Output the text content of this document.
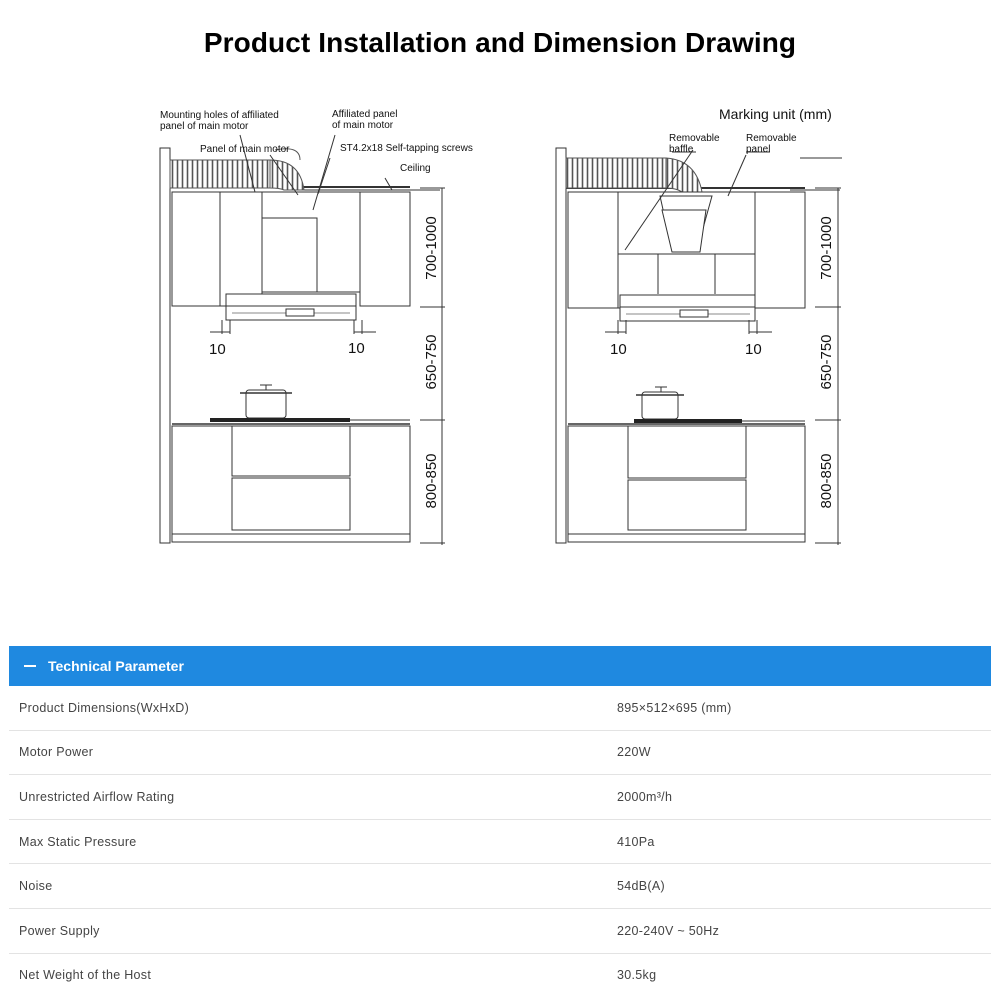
Product Installation and Dimension Drawing
Mounting holes of affiliated
panel of main motor
Affiliated panel
of main motor
Panel of main motor	ST4.2x18 Self-tapping screws
Ceiling
10	10
700-1000
650-750
800-850
Marking unit (mm)
Removable
baffle
Removable
panel
10	10
700-1000
650-750
800-850
Technical Parameter
Product Dimensions(WxHxD)	895×512×695 (mm)
Motor Power	220W
Unrestricted Airflow Rating	2000m³/h
Max Static Pressure	410Pa
Noise	54dB(A)
Power Supply	220-240V ~ 50Hz
Net Weight of the Host	30.5kg
